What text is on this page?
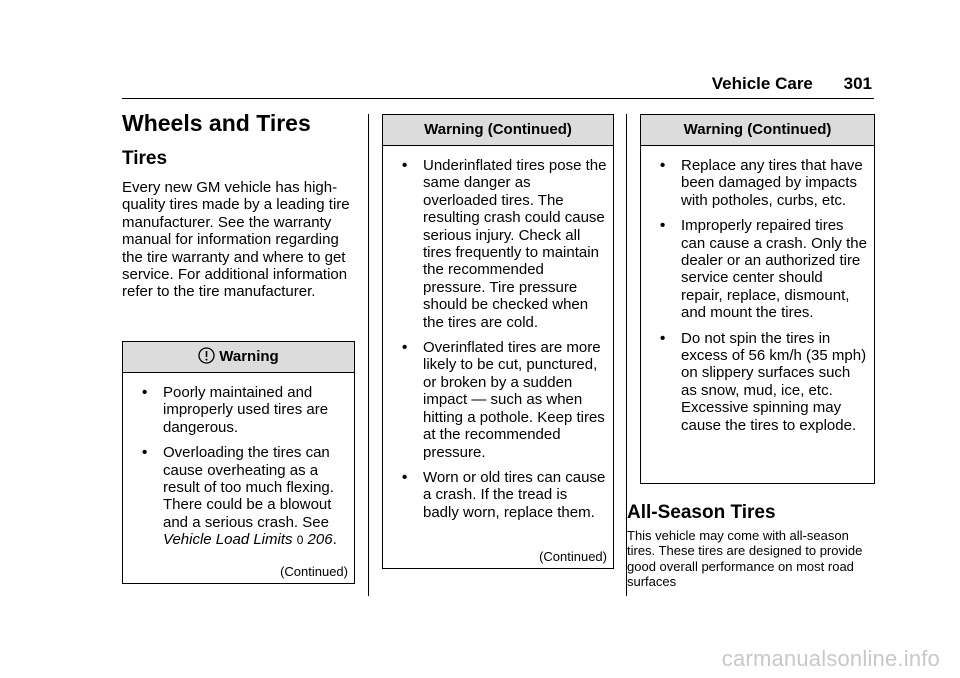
Vehicle Care 301
Wheels and Tires
Tires

Every new GM vehicle has high-quality tires made by a leading tire manufacturer. See the warranty manual for information regarding the tire warranty and where to get service. For additional information refer to the tire manufacturer.

Warning
• Poorly maintained and improperly used tires are dangerous.
• Overloading the tires can cause overheating as a result of too much flexing. There could be a blowout and a serious crash. See Vehicle Load Limits 0 206.
(Continued)
Warning (Continued)
• Underinflated tires pose the same danger as overloaded tires. The resulting crash could cause serious injury. Check all tires frequently to maintain the recommended pressure. Tire pressure should be checked when the tires are cold.
• Overinflated tires are more likely to be cut, punctured, or broken by a sudden impact — such as when hitting a pothole. Keep tires at the recommended pressure.
• Worn or old tires can cause a crash. If the tread is badly worn, replace them.
(Continued)
Warning (Continued)
• Replace any tires that have been damaged by impacts with potholes, curbs, etc.
• Improperly repaired tires can cause a crash. Only the dealer or an authorized tire service center should repair, replace, dismount, and mount the tires.
• Do not spin the tires in excess of 56 km/h (35 mph) on slippery surfaces such as snow, mud, ice, etc. Excessive spinning may cause the tires to explode.
All-Season Tires

This vehicle may come with all-season tires. These tires are designed to provide good overall performance on most road surfaces

carmanualsonline.info
